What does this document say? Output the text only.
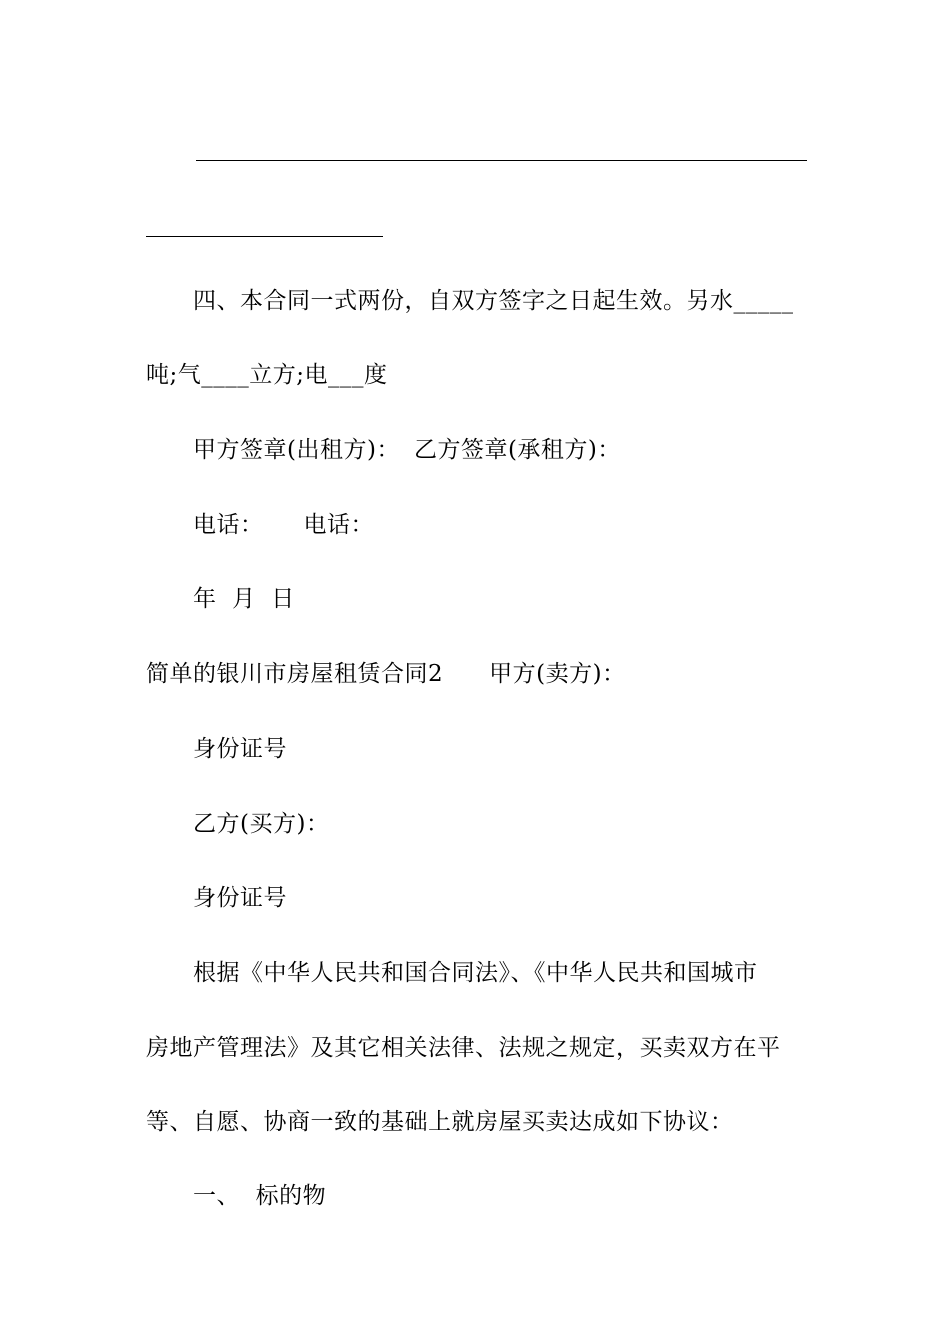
四、本合同一式两份，自双方签字之日起生效。另水_____
吨;气____立方;电___度
甲方签章(出租方)： 乙方签章(承租方)：
电话： 电话：
年  月  日
简单的银川市房屋租赁合同2 甲方(卖方)：
身份证号
乙方(买方)：
身份证号
根据《中华人民共和国合同法》、《中华人民共和国城市
房地产管理法》及其它相关法律、法规之规定，买卖双方在平
等、自愿、协商一致的基础上就房屋买卖达成如下协议：
一、  标的物
